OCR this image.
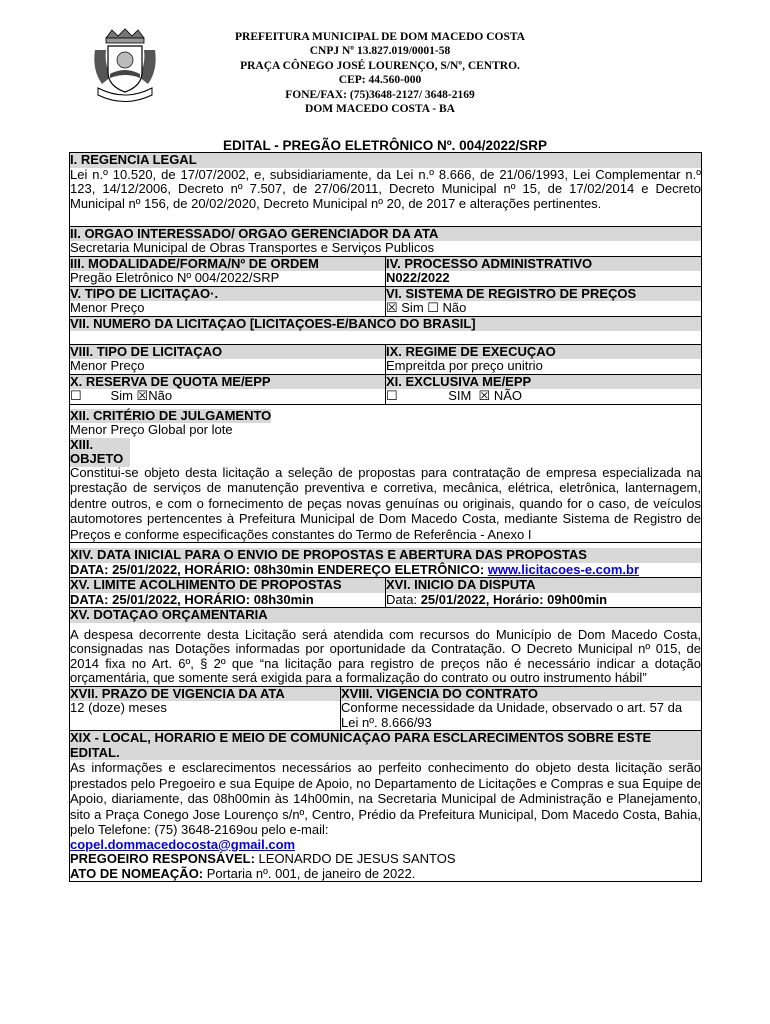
PREFEITURA MUNICIPAL DE DOM MACEDO COSTA
CNPJ Nº 13.827.019/0001-58
PRAÇA CÔNEGO JOSÉ LOURENÇO, S/Nº, CENTRO.
CEP: 44.560-000
FONE/FAX: (75)3648-2127/ 3648-2169
DOM MACEDO COSTA - BA
EDITAL - PREGÃO ELETRÔNICO Nº. 004/2022/SRP
I. REGENCIA LEGAL
Lei n.º 10.520, de 17/07/2002, e, subsidiariamente, da Lei n.º 8.666, de 21/06/1993, Lei Complementar n.º 123, 14/12/2006, Decreto nº 7.507, de 27/06/2011, Decreto Municipal nº 15, de 17/02/2014 e Decreto Municipal nº 156, de 20/02/2020, Decreto Municipal nº 20, de 2017 e alterações pertinentes.
II. ORGAO INTERESSADO/ ORGAO GERENCIADOR DA ATA
Secretaria Municipal de Obras Transportes e Serviços Publicos
III. MODALIDADE/FORMA/Nº DE ORDEM
Pregão Eletrônico Nº 004/2022/SRP
IV. PROCESSO ADMINISTRATIVO
N022/2022
V. TIPO DE LICITAÇAO·.
Menor Preço
VI. SISTEMA DE REGISTRO DE PREÇOS
☒ Sim ☐ Não
VII. NUMERO DA LICITAÇAO [LICITAÇOES-E/BANCO DO BRASIL]
VIII. TIPO DE LICITAÇAO
Menor Preço
IX. REGIME DE EXECUÇAO
Empreitda por preço unitrio
X. RESERVA DE QUOTA ME/EPP
☐        Sim ☒Não
XI. EXCLUSIVA ME/EPP
☐              SIM  ☒ NÃO
XII. CRITÉRIO DE JULGAMENTO
Menor Preço Global por lote
XIII. OBJETO
Constitui-se objeto desta licitação a seleção de propostas para contratação de empresa especializada na prestação de serviços de manutenção preventiva e corretiva, mecânica, elétrica, eletrônica, lanternagem, dentre outros, e com o fornecimento de peças novas genuínas ou originais, quando for o caso, de veículos automotores pertencentes à Prefeitura Municipal de Dom Macedo Costa, mediante Sistema de Registro de Preços e conforme especificações constantes do Termo de Referência - Anexo I
XIV. DATA INICIAL PARA O ENVIO DE PROPOSTAS E ABERTURA DAS PROPOSTAS
DATA: 25/01/2022, HORÁRIO: 08h30min ENDEREÇO ELETRÔNICO: www.licitacoes-e.com.br
XV. LIMITE ACOLHIMENTO DE PROPOSTAS
DATA: 25/01/2022, HORÁRIO: 08h30min
XVI. INICIO DA DISPUTA
Data: 25/01/2022, Horário: 09h00min
XV. DOTAÇAO ORÇAMENTARIA
A despesa decorrente desta Licitação será atendida com recursos do Município de Dom Macedo Costa, consignadas nas Dotações informadas por oportunidade da Contratação. O Decreto Municipal nº 015, de 2014 fixa no Art. 6º, § 2º que “na licitação para registro de preços não é necessário indicar a dotação orçamentária, que somente será exigida para a formalização do contrato ou outro instrumento hábil”
XVII. PRAZO DE VIGENCIA DA ATA
12 (doze) meses
XVIII. VIGENCIA DO CONTRATO
Conforme necessidade da Unidade, observado o art. 57 da Lei nº. 8.666/93
XIX - LOCAL, HORARIO E MEIO DE COMUNICAÇAO PARA ESCLARECIMENTOS SOBRE ESTE EDITAL.
As informações e esclarecimentos necessários ao perfeito conhecimento do objeto desta licitação serão prestados pelo Pregoeiro e sua Equipe de Apoio, no Departamento de Licitações e Compras e sua Equipe de Apoio, diariamente, das 08h00min às 14h00min, na Secretaria Municipal de Administração e Planejamento, sito a Praça Conego Jose Lourenço s/nº, Centro, Prédio da Prefeitura Municipal, Dom Macedo Costa, Bahia, pelo Telefone: (75) 3648-2169ou pelo e-mail:
copel.dommacedocosta@gmail.com
PREGOEIRO RESPONSÁVEL: LEONARDO DE JESUS SANTOS
ATO DE NOMEAÇÃO: Portaria nº. 001, de janeiro de 2022.
